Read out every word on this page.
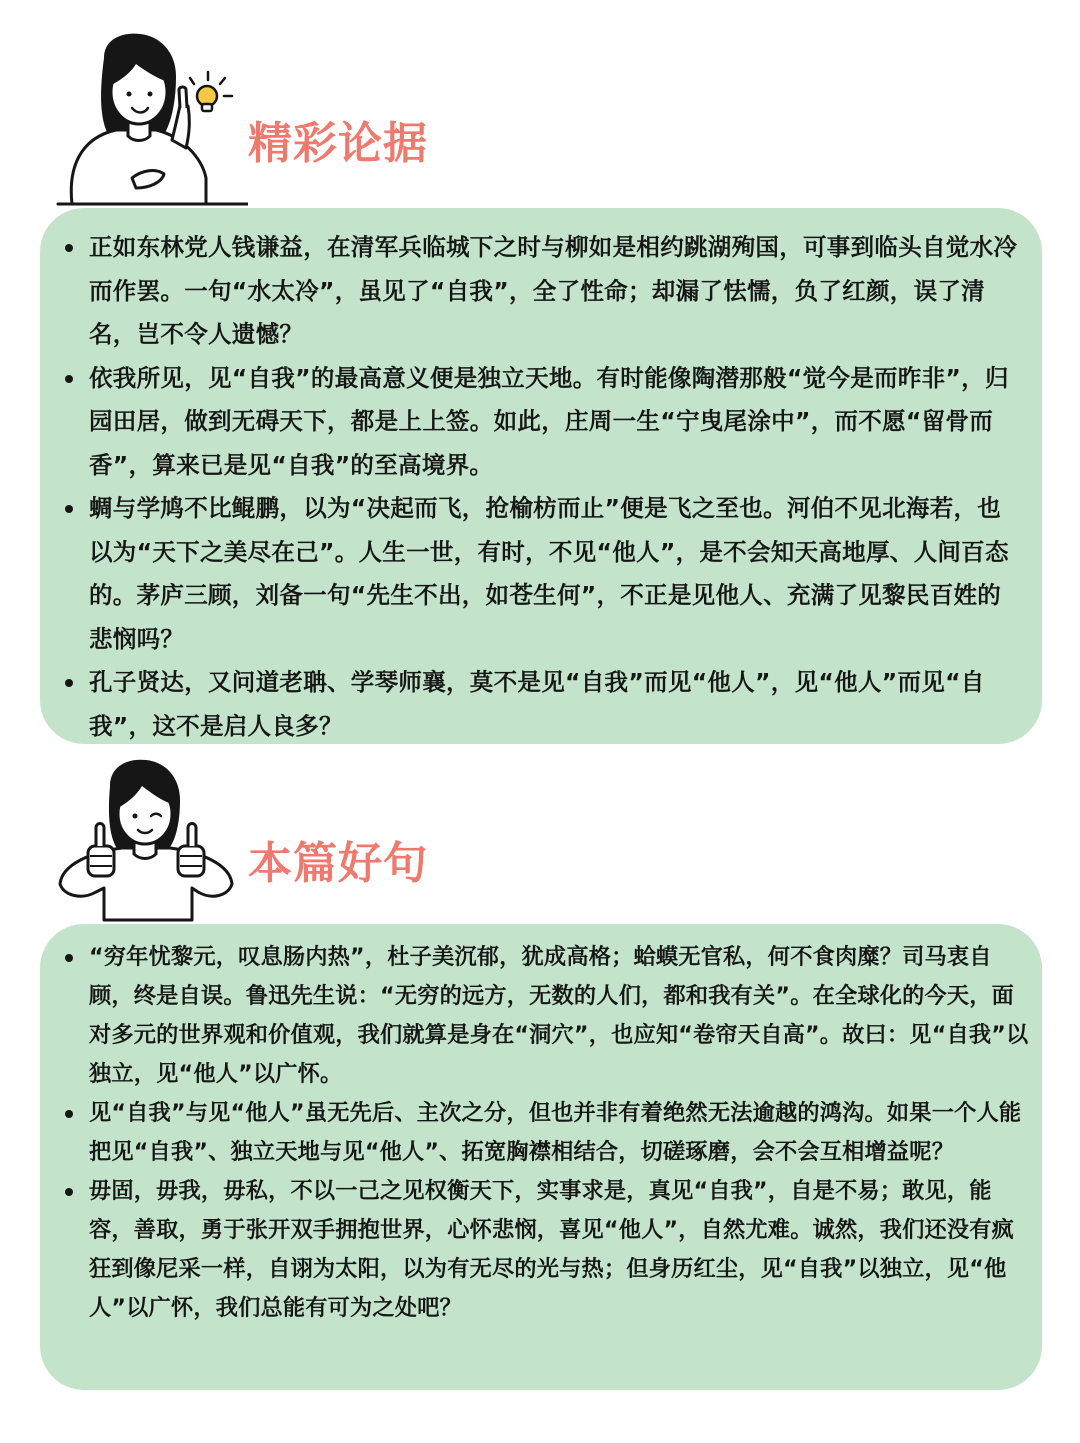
精彩论据
正如东林党人钱谦益，在清军兵临城下之时与柳如是相约跳湖殉国，可事到临头自觉水冷而作罢。一句“水太冷”，虽见了“自我”，全了性命；却漏了怯懦，负了红颜，误了清名，岂不令人遗憾？
依我所见，见“自我”的最高意义便是独立天地。有时能像陶潜那般“觉今是而昨非”，归园田居，做到无碍天下，都是上上签。如此，庄周一生“宁曳尾涂中”，而不愿“留骨而香”，算来已是见“自我”的至高境界。
蜩与学鸠不比鲲鹏，以为“决起而飞，抢榆枋而止”便是飞之至也。河伯不见北海若，也以为“天下之美尽在己”。人生一世，有时，不见“他人”，是不会知天高地厚、人间百态的。茅庐三顾，刘备一句“先生不出，如苍生何”，不正是见他人、充满了见黎民百姓的悲悯吗？
孔子贤达，又问道老聃、学琴师襄，莫不是见“自我”而见“他人”，见“他人”而见“自我”，这不是启人良多？
本篇好句
“穷年忧黎元，叹息肠内热”，杜子美沉郁，犹成高格；蛤蟆无官私，何不食肉糜？司马衷自顾，终是自误。鲁迅先生说：“无穷的远方，无数的人们，都和我有关”。在全球化的今天，面对多元的世界观和价值观，我们就算是身在“洞穴”，也应知“卷帘天自高”。故曰：见“自我”以独立，见“他人”以广怀。
见“自我”与见“他人”虽无先后、主次之分，但也并非有着绝然无法逾越的鸿沟。如果一个人能把见“自我”、独立天地与见“他人”、拓宽胸襟相结合，切磋琢磨，会不会互相增益呢？
毋固，毋我，毋私，不以一己之见权衡天下，实事求是，真见“自我”，自是不易；敢见，能容，善取，勇于张开双手拥抱世界，心怀悲悯，喜见“他人”，自然尤难。诚然，我们还没有疯狂到像尼采一样，自诩为太阳，以为有无尽的光与热；但身历红尘，见“自我”以独立，见“他人”以广怀，我们总能有可为之处吧？
